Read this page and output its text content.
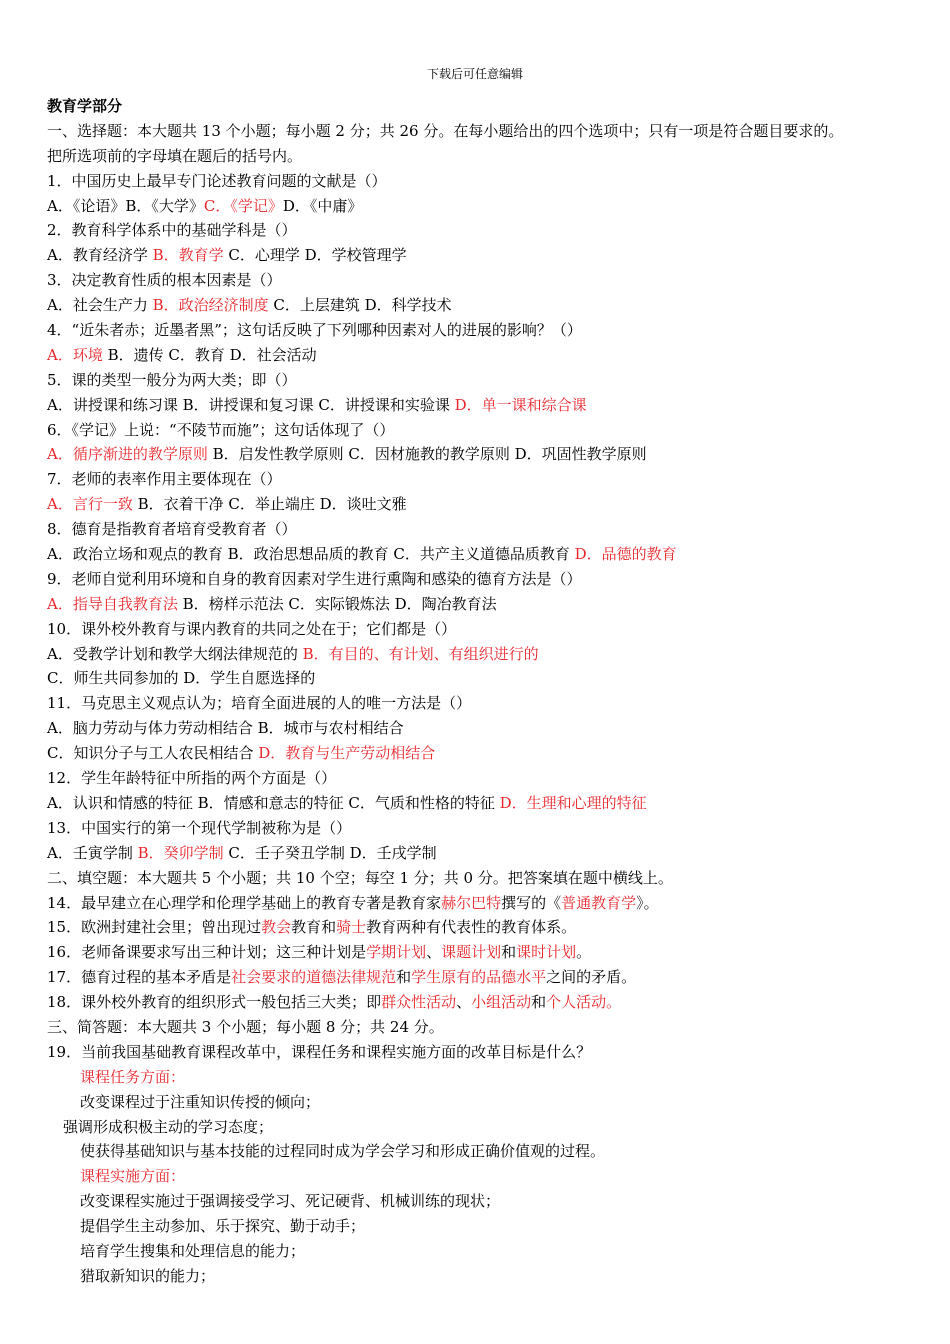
下载后可任意编辑
教育学部分
一、选择题：本大题共 13 个小题；每小题 2 分；共 26 分。在每小题给出的四个选项中；只有一项是符合题目要求的。
把所选项前的字母填在题后的括号内。
1．中国历史上最早专门论述教育问题的文献是（）
A．《论语》B．《大学》C．《学记》D．《中庸》
2．教育科学体系中的基础学科是（）
A．教育经济学 B．教育学 C．心理学 D．学校管理学
3．决定教育性质的根本因素是（）
A．社会生产力 B．政治经济制度 C．上层建筑 D．科学技术
4．“近朱者赤；近墨者黑”；这句话反映了下列哪种因素对人的进展的影响？（）
A．环境 B．遗传 C．教育 D．社会活动
5．课的类型一般分为两大类；即（）
A．讲授课和练习课 B．讲授课和复习课 C．讲授课和实验课 D．单一课和综合课
6．《学记》上说：“不陵节而施”；这句话体现了（）
A．循序渐进的教学原则 B．启发性教学原则 C．因材施教的教学原则 D．巩固性教学原则
7．老师的表率作用主要体现在（）
A．言行一致 B．衣着干净 C．举止端庄 D．谈吐文雅
8．德育是指教育者培育受教育者（）
A．政治立场和观点的教育 B．政治思想品质的教育 C．共产主义道德品质教育 D．品德的教育
9．老师自觉利用环境和自身的教育因素对学生进行熏陶和感染的德育方法是（）
A．指导自我教育法 B．榜样示范法 C．实际锻炼法 D．陶冶教育法
10．课外校外教育与课内教育的共同之处在于；它们都是（）
A．受教学计划和教学大纲法律规范的 B．有目的、有计划、有组织进行的
C．师生共同参加的 D．学生自愿选择的
11．马克思主义观点认为；培育全面进展的人的唯一方法是（）
A．脑力劳动与体力劳动相结合 B．城市与农村相结合
C．知识分子与工人农民相结合 D．教育与生产劳动相结合
12．学生年龄特征中所指的两个方面是（）
A．认识和情感的特征 B．情感和意志的特征 C．气质和性格的特征 D．生理和心理的特征
13．中国实行的第一个现代学制被称为是（）
A．壬寅学制 B．癸卯学制 C．壬子癸丑学制 D．壬戌学制
二、填空题：本大题共 5 个小题；共 10 个空；每空 1 分；共 0 分。把答案填在题中横线上。
14．最早建立在心理学和伦理学基础上的教育专著是教育家赫尔巴特撰写的《普通教育学》。
15．欧洲封建社会里；曾出现过教会教育和骑士教育两种有代表性的教育体系。
16．老师备课要求写出三种计划；这三种计划是学期计划、课题计划和课时计划。
17．德育过程的基本矛盾是社会要求的道德法律规范和学生原有的品德水平之间的矛盾。
18．课外校外教育的组织形式一般包括三大类；即群众性活动、小组活动和个人活动。
三、简答题：本大题共 3 个小题；每小题 8 分；共 24 分。
19．当前我国基础教育课程改革中，课程任务和课程实施方面的改革目标是什么？
课程任务方面：
改变课程过于注重知识传授的倾向；
强调形成积极主动的学习态度；
使获得基础知识与基本技能的过程同时成为学会学习和形成正确价值观的过程。
课程实施方面：
改变课程实施过于强调接受学习、死记硬背、机械训练的现状；
提倡学生主动参加、乐于探究、勤于动手；
培育学生搜集和处理信息的能力；
猎取新知识的能力；
